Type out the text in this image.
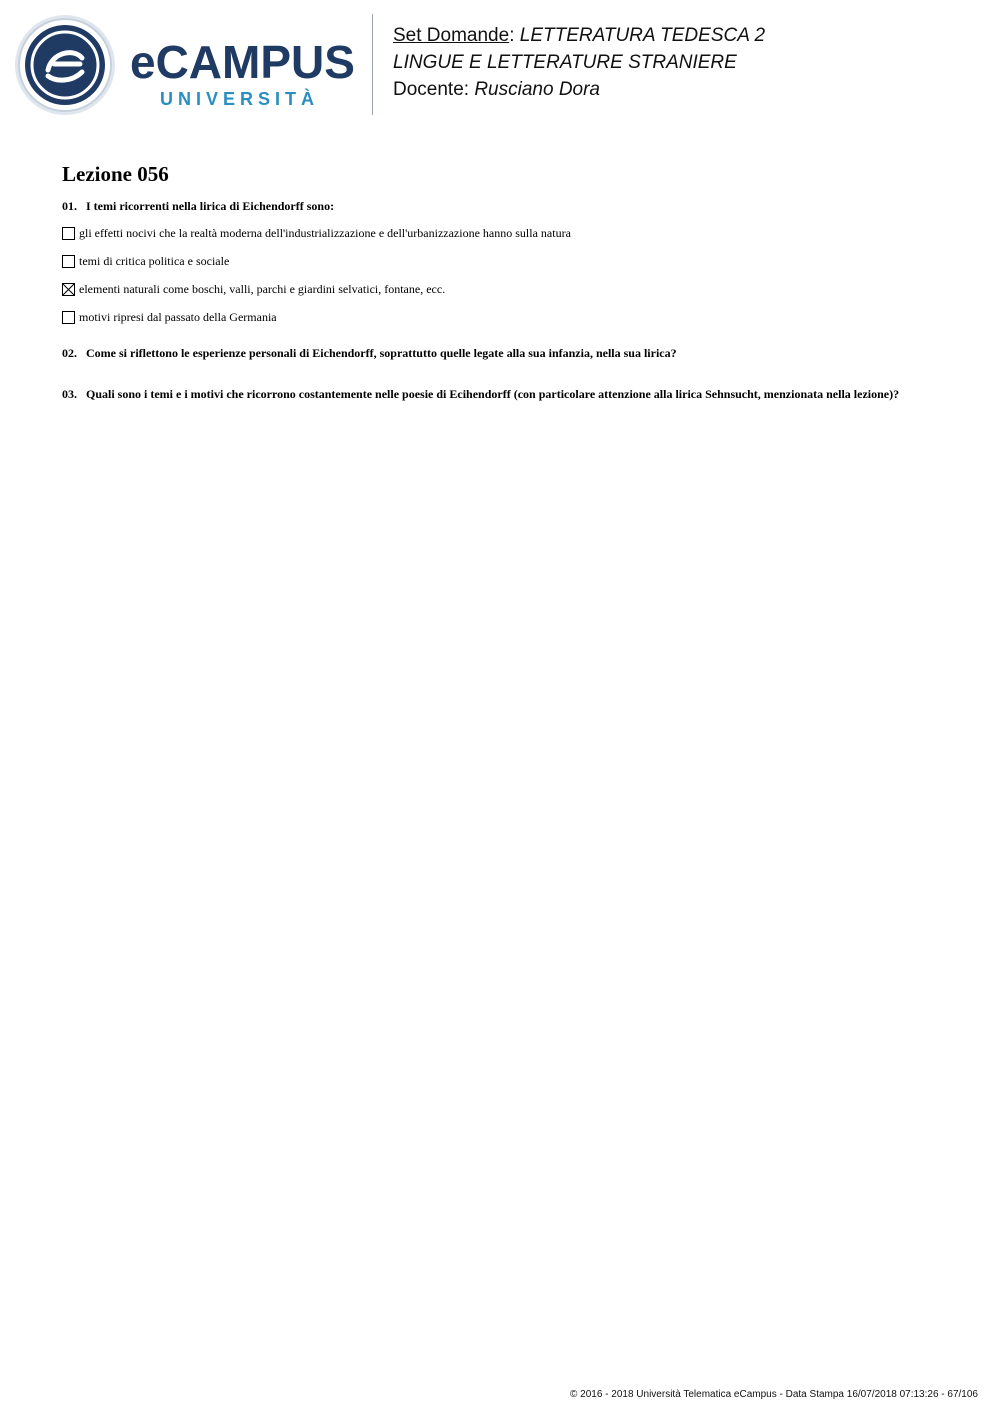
eCAMPUS
UNIVERSITÀ
Set Domande: LETTERATURA TEDESCA 2
LINGUE E LETTERATURE STRANIERE
Docente: Rusciano Dora
Lezione 056
01. I temi ricorrenti nella lirica di Eichendorff sono:
gli effetti nocivi che la realtà moderna dell'industrializzazione e dell'urbanizzazione hanno sulla natura
temi di critica politica e sociale
elementi naturali come boschi, valli, parchi e giardini selvatici, fontane, ecc.
motivi ripresi dal passato della Germania
02. Come si riflettono le esperienze personali di Eichendorff, soprattutto quelle legate alla sua infanzia, nella sua lirica?
03. Quali sono i temi e i motivi che ricorrono costantemente nelle poesie di Ecihendorff (con particolare attenzione alla lirica Sehnsucht, menzionata nella lezione)?
© 2016 - 2018 Università Telematica eCampus - Data Stampa 16/07/2018 07:13:26 - 67/106
